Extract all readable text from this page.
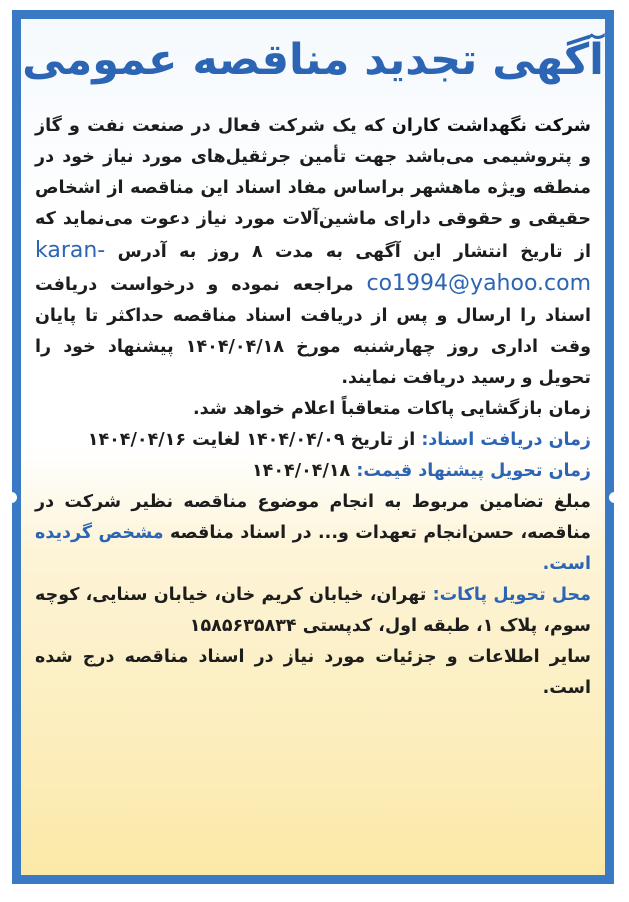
آگهی تجدید مناقصه عمومی

شرکت نگهداشت کاران که یک شرکت فعال در صنعت نفت و گاز و پتروشیمی می‌باشد جهت تأمین جرثقیل‌های مورد نیاز خود در منطقه ویژه ماهشهر براساس مفاد اسناد این مناقصه از اشخاص حقیقی و حقوقی دارای ماشین‌آلات مورد نیاز دعوت می‌نماید که از تاریخ انتشار این آگهی به مدت ۸ روز به آدرس karan-co1994@yahoo.com مراجعه نموده و درخواست دریافت اسناد را ارسال و پس از دریافت اسناد مناقصه حداکثر تا پایان وقت اداری روز چهارشنبه مورخ ۱۴۰۴/۰۴/۱۸ پیشنهاد خود را تحویل و رسید دریافت نمایند.

زمان بازگشایی پاکات متعاقباً اعلام خواهد شد.

زمان دریافت اسناد: از تاریخ ۱۴۰۴/۰۴/۰۹ لغایت ۱۴۰۴/۰۴/۱۶

زمان تحویل پیشنهاد قیمت: ۱۴۰۴/۰۴/۱۸

مبلغ تضامین مربوط به انجام موضوع مناقصه نظیر شرکت در مناقصه، حسن‌انجام تعهدات و... در اسناد مناقصه مشخص گردیده است.

محل تحویل پاکات: تهران، خیابان کریم خان، خیابان سنایی، کوچه سوم، پلاک ۱، طبقه اول، کدپستی ۱۵۸۵۶۳۵۸۳۴

سایر اطلاعات و جزئیات مورد نیاز در اسناد مناقصه درج شده است.
